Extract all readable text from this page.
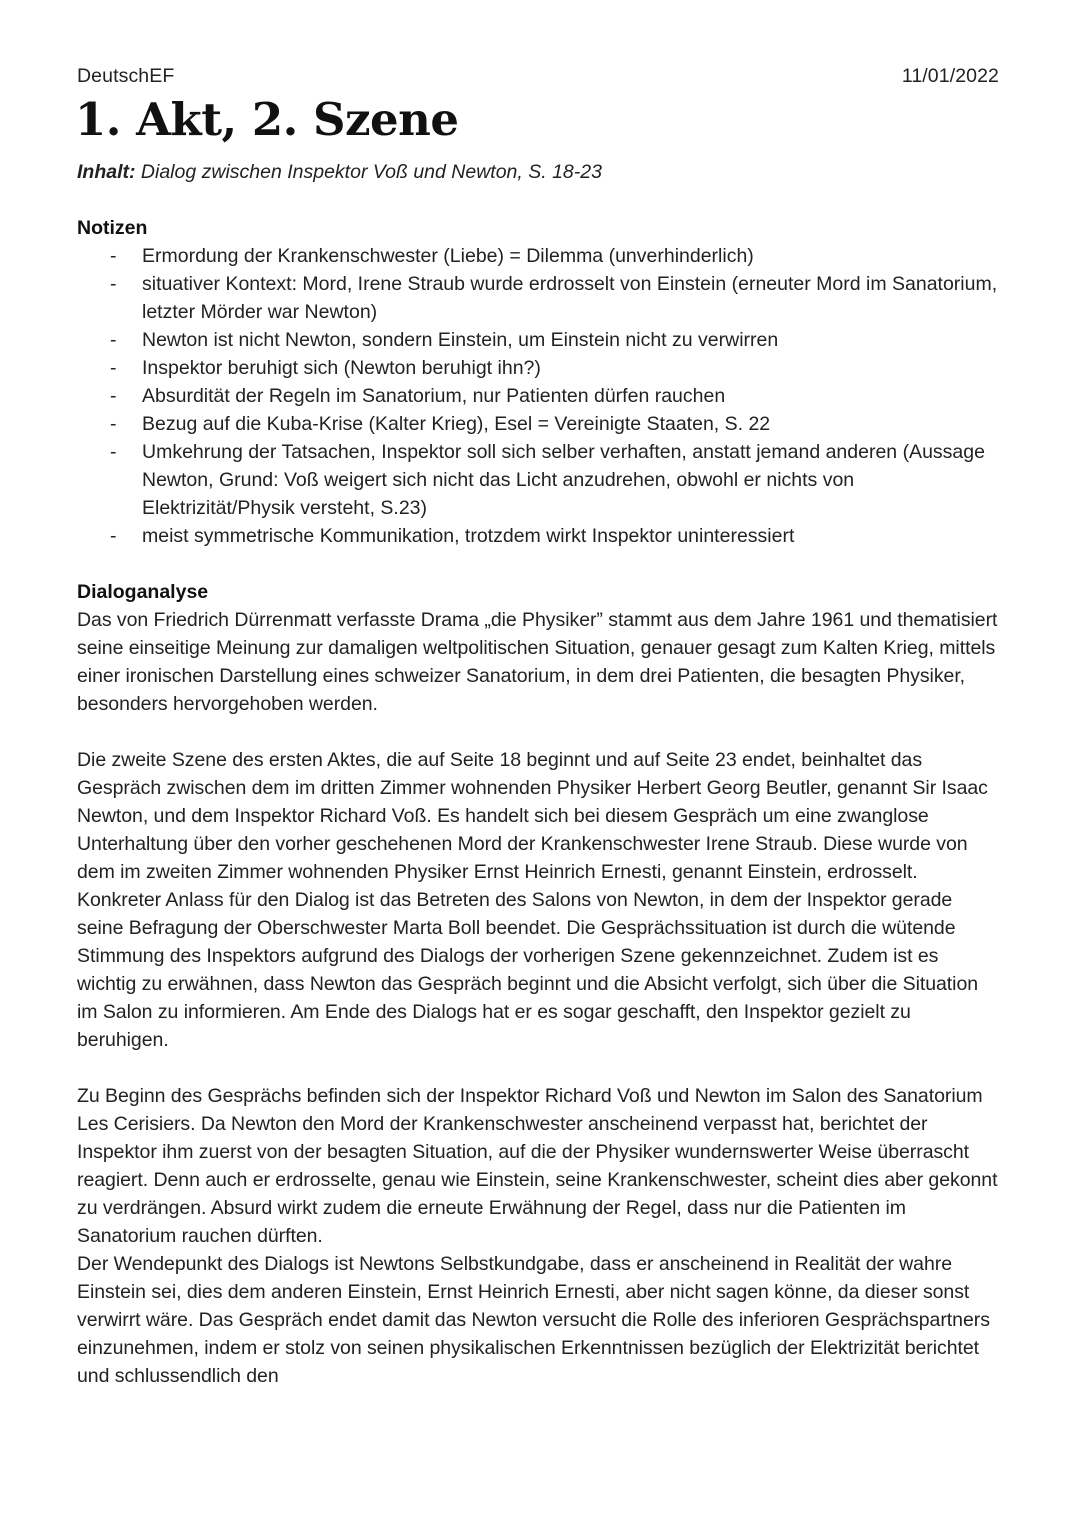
DeutschEF	11/01/2022
1. Akt, 2. Szene
Inhalt: Dialog zwischen Inspektor Voß und Newton, S. 18-23
Notizen
- Ermordung der Krankenschwester (Liebe) = Dilemma (unverhinderlich)
- situativer Kontext: Mord, Irene Straub wurde erdrosselt von Einstein (erneuter Mord im Sanatorium, letzter Mörder war Newton)
- Newton ist nicht Newton, sondern Einstein, um Einstein nicht zu verwirren
- Inspektor beruhigt sich (Newton beruhigt ihn?)
- Absurdität der Regeln im Sanatorium, nur Patienten dürfen rauchen
- Bezug auf die Kuba-Krise (Kalter Krieg), Esel = Vereinigte Staaten, S. 22
- Umkehrung der Tatsachen, Inspektor soll sich selber verhaften, anstatt jemand anderen (Aussage Newton, Grund: Voß weigert sich nicht das Licht anzudrehen, obwohl er nichts von Elektrizität/Physik versteht, S.23)
- meist symmetrische Kommunikation, trotzdem wirkt Inspektor uninteressiert
Dialoganalyse

Das von Friedrich Dürrenmatt verfasste Drama „die Physiker” stammt aus dem Jahre 1961 und thematisiert seine einseitige Meinung zur damaligen weltpolitischen Situation, genauer gesagt zum Kalten Krieg, mittels einer ironischen Darstellung eines schweizer Sanatorium, in dem drei Patienten, die besagten Physiker, besonders hervorgehoben werden.

Die zweite Szene des ersten Aktes, die auf Seite 18 beginnt und auf Seite 23 endet, beinhaltet das Gespräch zwischen dem im dritten Zimmer wohnenden Physiker Herbert Georg Beutler, genannt Sir Isaac Newton, und dem Inspektor Richard Voß. Es handelt sich bei diesem Gespräch um eine zwanglose Unterhaltung über den vorher geschehenen Mord der Krankenschwester Irene Straub. Diese wurde von dem im zweiten Zimmer wohnenden Physiker Ernst Heinrich Ernesti, genannt Einstein, erdrosselt. Konkreter Anlass für den Dialog ist das Betreten des Salons von Newton, in dem der Inspektor gerade seine Befragung der Oberschwester Marta Boll beendet. Die Gesprächssituation ist durch die wütende Stimmung des Inspektors aufgrund des Dialogs der vorherigen Szene gekennzeichnet. Zudem ist es wichtig zu erwähnen, dass Newton das Gespräch beginnt und die Absicht verfolgt, sich über die Situation im Salon zu informieren. Am Ende des Dialogs hat er es sogar geschafft, den Inspektor gezielt zu beruhigen.

Zu Beginn des Gesprächs befinden sich der Inspektor Richard Voß und Newton im Salon des Sanatorium Les Cerisiers. Da Newton den Mord der Krankenschwester anscheinend verpasst hat, berichtet der Inspektor ihm zuerst von der besagten Situation, auf die der Physiker wundernswerter Weise überrascht reagiert. Denn auch er erdrosselte, genau wie Einstein, seine Krankenschwester, scheint dies aber gekonnt zu verdrängen. Absurd wirkt zudem die erneute Erwähnung der Regel, dass nur die Patienten im Sanatorium rauchen dürften.

Der Wendepunkt des Dialogs ist Newtons Selbstkundgabe, dass er anscheinend in Realität der wahre Einstein sei, dies dem anderen Einstein, Ernst Heinrich Ernesti, aber nicht sagen könne, da dieser sonst verwirrt wäre. Das Gespräch endet damit das Newton versucht die Rolle des inferioren Gesprächspartners einzunehmen, indem er stolz von seinen physikalischen Erkenntnissen bezüglich der Elektrizität berichtet und schlussendlich den
